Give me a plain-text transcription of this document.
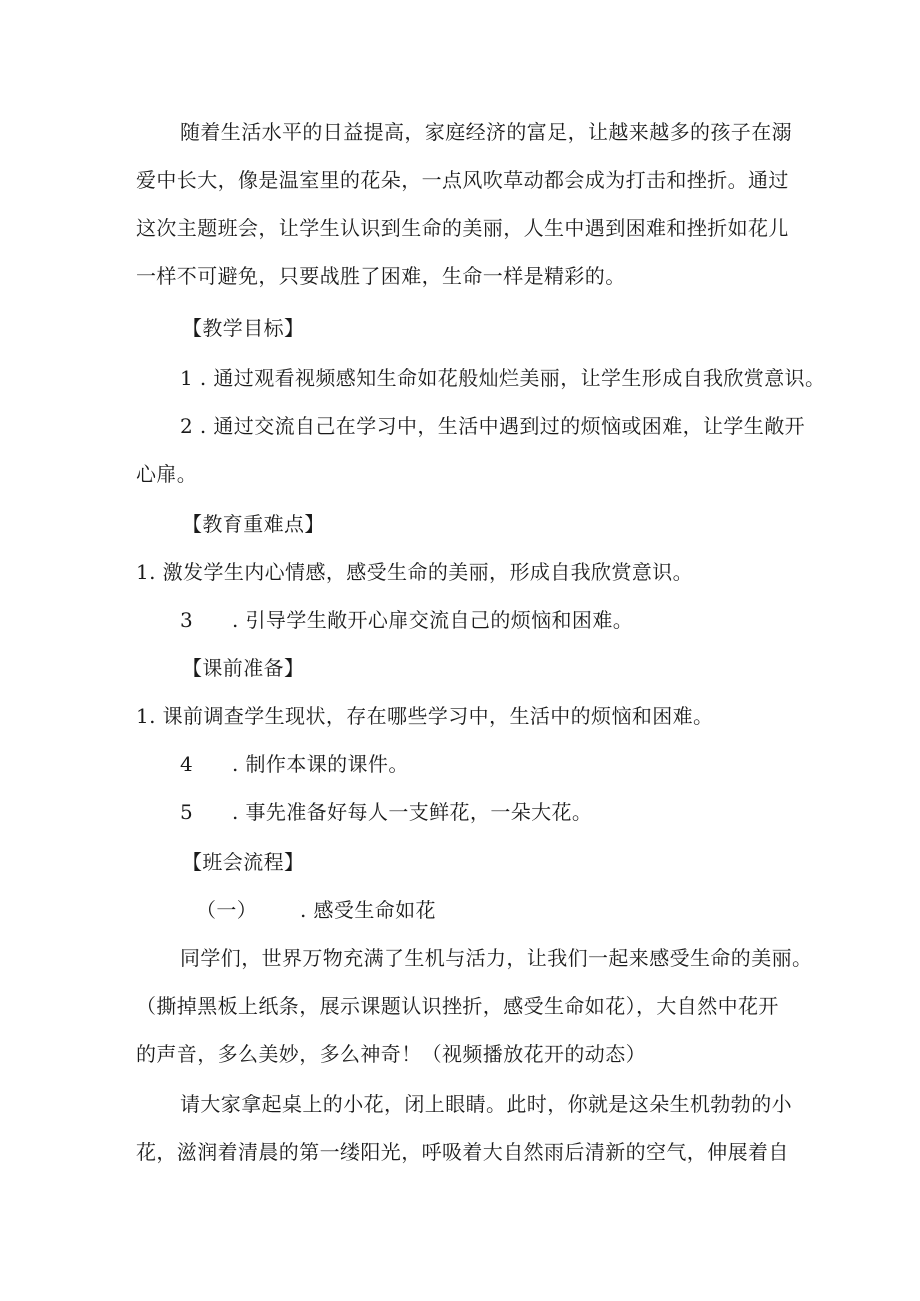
随着生活水平的日益提高，家庭经济的富足，让越来越多的孩子在溺
爱中长大，像是温室里的花朵，一点风吹草动都会成为打击和挫折。通过
这次主题班会，让学生认识到生命的美丽，人生中遇到困难和挫折如花儿
一样不可避免，只要战胜了困难，生命一样是精彩的。
【教学目标】
1 . 通过观看视频感知生命如花般灿烂美丽，让学生形成自我欣赏意识。
2 . 通过交流自己在学习中，生活中遇到过的烦恼或困难，让学生敞开
心扉。
【教育重难点】
1. 激发学生内心情感，感受生命的美丽，形成自我欣赏意识。
3 . 引导学生敞开心扉交流自己的烦恼和困难。
【课前准备】
1. 课前调查学生现状，存在哪些学习中，生活中的烦恼和困难。
4 . 制作本课的课件。
5 . 事先准备好每人一支鲜花，一朵大花。
【班会流程】
（一） . 感受生命如花
同学们，世界万物充满了生机与活力，让我们一起来感受生命的美丽。
（撕掉黑板上纸条，展示课题认识挫折，感受生命如花），大自然中花开
的声音，多么美妙，多么神奇！（视频播放花开的动态）
请大家拿起桌上的小花，闭上眼睛。此时，你就是这朵生机勃勃的小
花，滋润着清晨的第一缕阳光，呼吸着大自然雨后清新的空气，伸展着自
